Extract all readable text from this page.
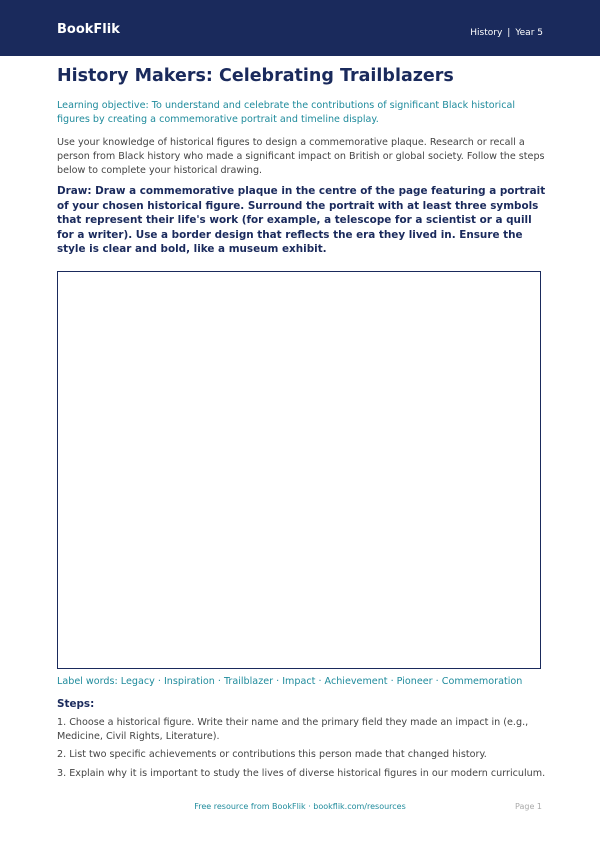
BookFlik	History | Year 5
History Makers: Celebrating Trailblazers
Learning objective: To understand and celebrate the contributions of significant Black historical figures by creating a commemorative portrait and timeline display.
Use your knowledge of historical figures to design a commemorative plaque. Research or recall a person from Black history who made a significant impact on British or global society. Follow the steps below to complete your historical drawing.
Draw: Draw a commemorative plaque in the centre of the page featuring a portrait of your chosen historical figure. Surround the portrait with at least three symbols that represent their life's work (for example, a telescope for a scientist or a quill for a writer). Use a border design that reflects the era they lived in. Ensure the style is clear and bold, like a museum exhibit.
Label words: Legacy · Inspiration · Trailblazer · Impact · Achievement · Pioneer · Commemoration
Steps:
1. Choose a historical figure. Write their name and the primary field they made an impact in (e.g., Medicine, Civil Rights, Literature).
2. List two specific achievements or contributions this person made that changed history.
3. Explain why it is important to study the lives of diverse historical figures in our modern curriculum.
Free resource from BookFlik · bookflik.com/resources	Page 1
